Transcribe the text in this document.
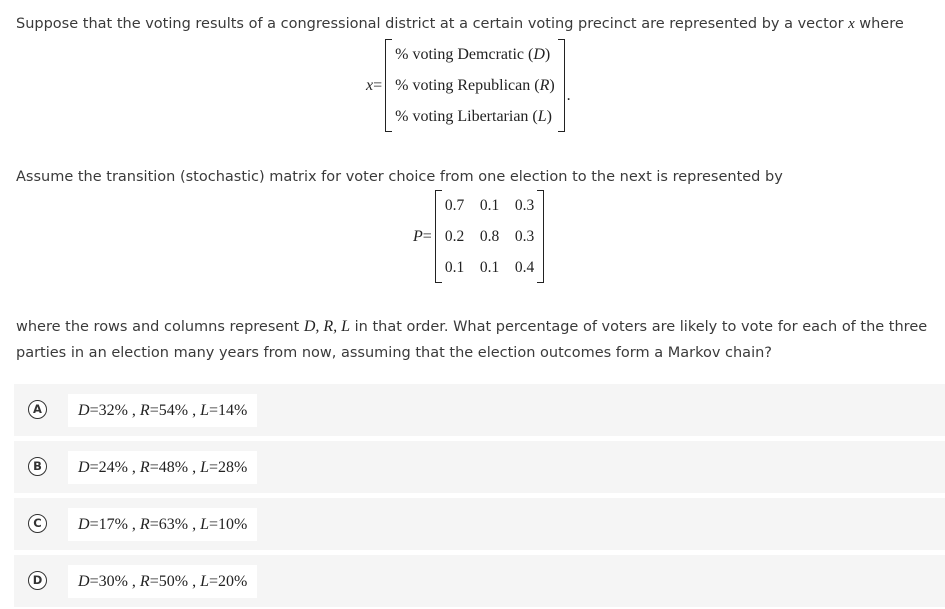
Suppose that the voting results of a congressional district at a certain voting precinct are represented by a vector x where
x=
% voting Demcratic (D)
% voting Republican (R)
% voting Libertarian (L)
.
Assume the transition (stochastic) matrix for voter choice from one election to the next is represented by
P=
0.7	0.1	0.3
0.2	0.8	0.3
0.1	0.1	0.4
where the rows and columns represent D, R, L in that order. What percentage of voters are likely to vote for each of the three
parties in an election many years from now, assuming that the election outcomes form a Markov chain?
A	D=32% , R=54% , L=14%
B	D=24% , R=48% , L=28%
C	D=17% , R=63% , L=10%
D	D=30% , R=50% , L=20%
